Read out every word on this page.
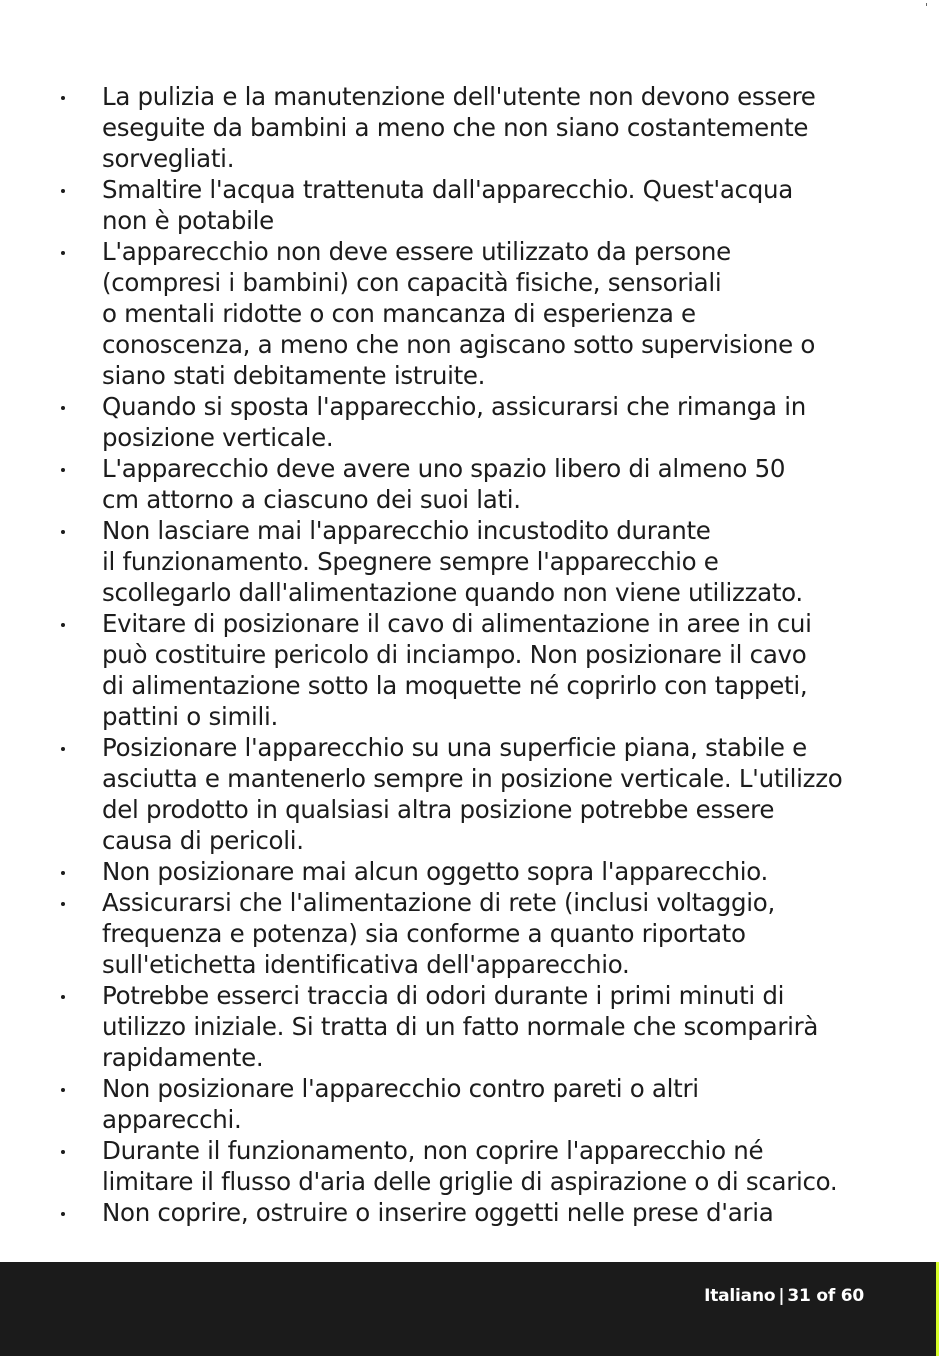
La pulizia e la manutenzione dell'utente non devono essere
eseguite da bambini a meno che non siano costantemente
sorvegliati.
Smaltire l'acqua trattenuta dall'apparecchio. Quest'acqua
non è potabile
L'apparecchio non deve essere utilizzato da persone
(compresi i bambini) con capacità fisiche, sensoriali
o mentali ridotte o con mancanza di esperienza e
conoscenza, a meno che non agiscano sotto supervisione o
siano stati debitamente istruite.
Quando si sposta l'apparecchio, assicurarsi che rimanga in
posizione verticale.
L'apparecchio deve avere uno spazio libero di almeno 50
cm attorno a ciascuno dei suoi lati.
Non lasciare mai l'apparecchio incustodito durante
il funzionamento. Spegnere sempre l'apparecchio e
scollegarlo dall'alimentazione quando non viene utilizzato.
Evitare di posizionare il cavo di alimentazione in aree in cui
può costituire pericolo di inciampo. Non posizionare il cavo
di alimentazione sotto la moquette né coprirlo con tappeti,
pattini o simili.
Posizionare l'apparecchio su una superficie piana, stabile e
asciutta e mantenerlo sempre in posizione verticale. L'utilizzo
del prodotto in qualsiasi altra posizione potrebbe essere
causa di pericoli.
Non posizionare mai alcun oggetto sopra l'apparecchio.
Assicurarsi che l'alimentazione di rete (inclusi voltaggio,
frequenza e potenza) sia conforme a quanto riportato
sull'etichetta identificativa dell'apparecchio.
Potrebbe esserci traccia di odori durante i primi minuti di
utilizzo iniziale. Si tratta di un fatto normale che scomparirà
rapidamente.
Non posizionare l'apparecchio contro pareti o altri
apparecchi.
Durante il funzionamento, non coprire l'apparecchio né
limitare il flusso d'aria delle griglie di aspirazione o di scarico.
Non coprire, ostruire o inserire oggetti nelle prese d'aria
Italiano | 31 of 60
